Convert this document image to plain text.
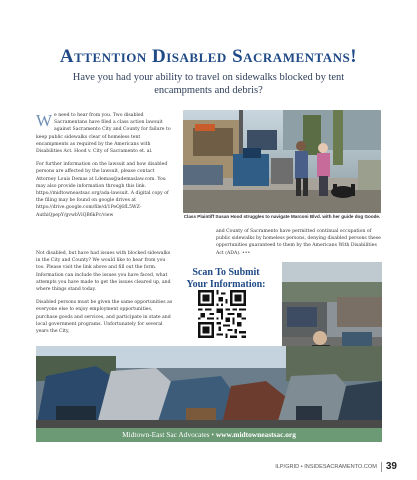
Attention Disabled Sacramentans!

Have you had your ability to travel on sidewalks blocked by tent encampments and debris?

We need to hear from you. Two disabled Sacramentans have filed a class action lawsuit against Sacramento City and County for failure to keep public sidewalks clear of homeless tent encampments as required by the Americans with Disabilities Act. Hood v. City of Sacramento et. al.

For further information on the lawsuit and how disabled persons are affected by the lawsuit, please contact Attorney Louis Demas at Ldemas@ademaslaw.com. You may also provide information through this link. https://midtowneastsac.org/ada-lawsuit. A digital copy of the filing may be found on google drives at https://drive.google.com/file/d/1PeOj6fL5WZ-AuthiQpepY/gvwbViQB6kPc/view

Not disabled, but have had issues with blocked sidewalks in the City and County? We would like to hear from you too. Please visit the link above and fill out the form. Information can include the issues you have faced, what attempts you have made to get the issues cleared up, and where things stand today.

Disabled persons must be given the same opportunities as everyone else to enjoy employment opportunities, purchase goods and services, and participate in state and local government programs. Unfortunately for several years the City,

Class Plaintiff Susan Hood struggles to navigate Marconi Blvd. with her guide dog Goode.

and County of Sacramento have permitted continual occupation of public sidewalks by homeless persons, denying disabled persons these opportunities guaranteed to them by the Americans With Disabilities Act (ADA). •••

Scan To Submit
Your Information:
Midtown-East Sac Advocates • www.midtowneastsac.org
ILP/GRID • INSIDESACRAMENTO.COM 39
